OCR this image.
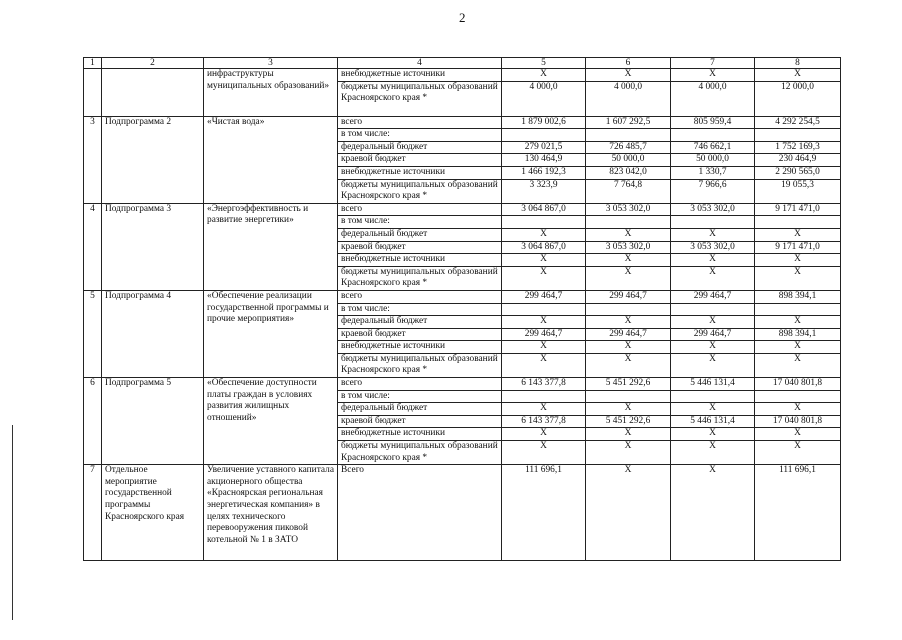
2
1	2	3	4	5	6	7	8
		инфраструктуры муниципальных образований»	внебюджетные источники	Х	Х	Х	Х
			бюджеты муниципальных образований Красноярского края *	4 000,0	4 000,0	4 000,0	12 000,0
3	Подпрограмма 2	«Чистая вода»	всего	1 879 002,6	1 607 292,5	805 959,4	4 292 254,5
			в том числе:				
			федеральный бюджет	279 021,5	726 485,7	746 662,1	1 752 169,3
			краевой бюджет	130 464,9	50 000,0	50 000,0	230 464,9
			внебюджетные источники	1 466 192,3	823 042,0	1 330,7	2 290 565,0
			бюджеты муниципальных образований Красноярского края *	3 323,9	7 764,8	7 966,6	19 055,3
4	Подпрограмма 3	«Энергоэффективность и развитие энергетики»	всего	3 064 867,0	3 053 302,0	3 053 302,0	9 171 471,0
			в том числе:				
			федеральный бюджет	Х	Х	Х	Х
			краевой бюджет	3 064 867,0	3 053 302,0	3 053 302,0	9 171 471,0
			внебюджетные источники	Х	Х	Х	Х
			бюджеты муниципальных образований Красноярского края *	Х	Х	Х	Х
5	Подпрограмма 4	«Обеспечение реализации государственной программы и прочие мероприятия»	всего	299 464,7	299 464,7	299 464,7	898 394,1
			в том числе:				
			федеральный бюджет	Х	Х	Х	Х
			краевой бюджет	299 464,7	299 464,7	299 464,7	898 394,1
			внебюджетные источники	Х	Х	Х	Х
			бюджеты муниципальных образований Красноярского края *	Х	Х	Х	Х
6	Подпрограмма 5	«Обеспечение доступности платы граждан в условиях развития жилищных отношений»	всего	6 143 377,8	5 451 292,6	5 446 131,4	17 040 801,8
			в том числе:				
			федеральный бюджет	Х	Х	Х	Х
			краевой бюджет	6 143 377,8	5 451 292,6	5 446 131,4	17 040 801,8
			внебюджетные источники	Х	Х	Х	Х
			бюджеты муниципальных образований Красноярского края *	Х	Х	Х	Х
7	Отдельное мероприятие государственной программы Красноярского края	Увеличение уставного капитала акционерного общества «Красноярская региональная энергетическая компания» в целях технического перевооружения пиковой котельной № 1 в ЗАТО	Всего	111 696,1	Х	Х	111 696,1
